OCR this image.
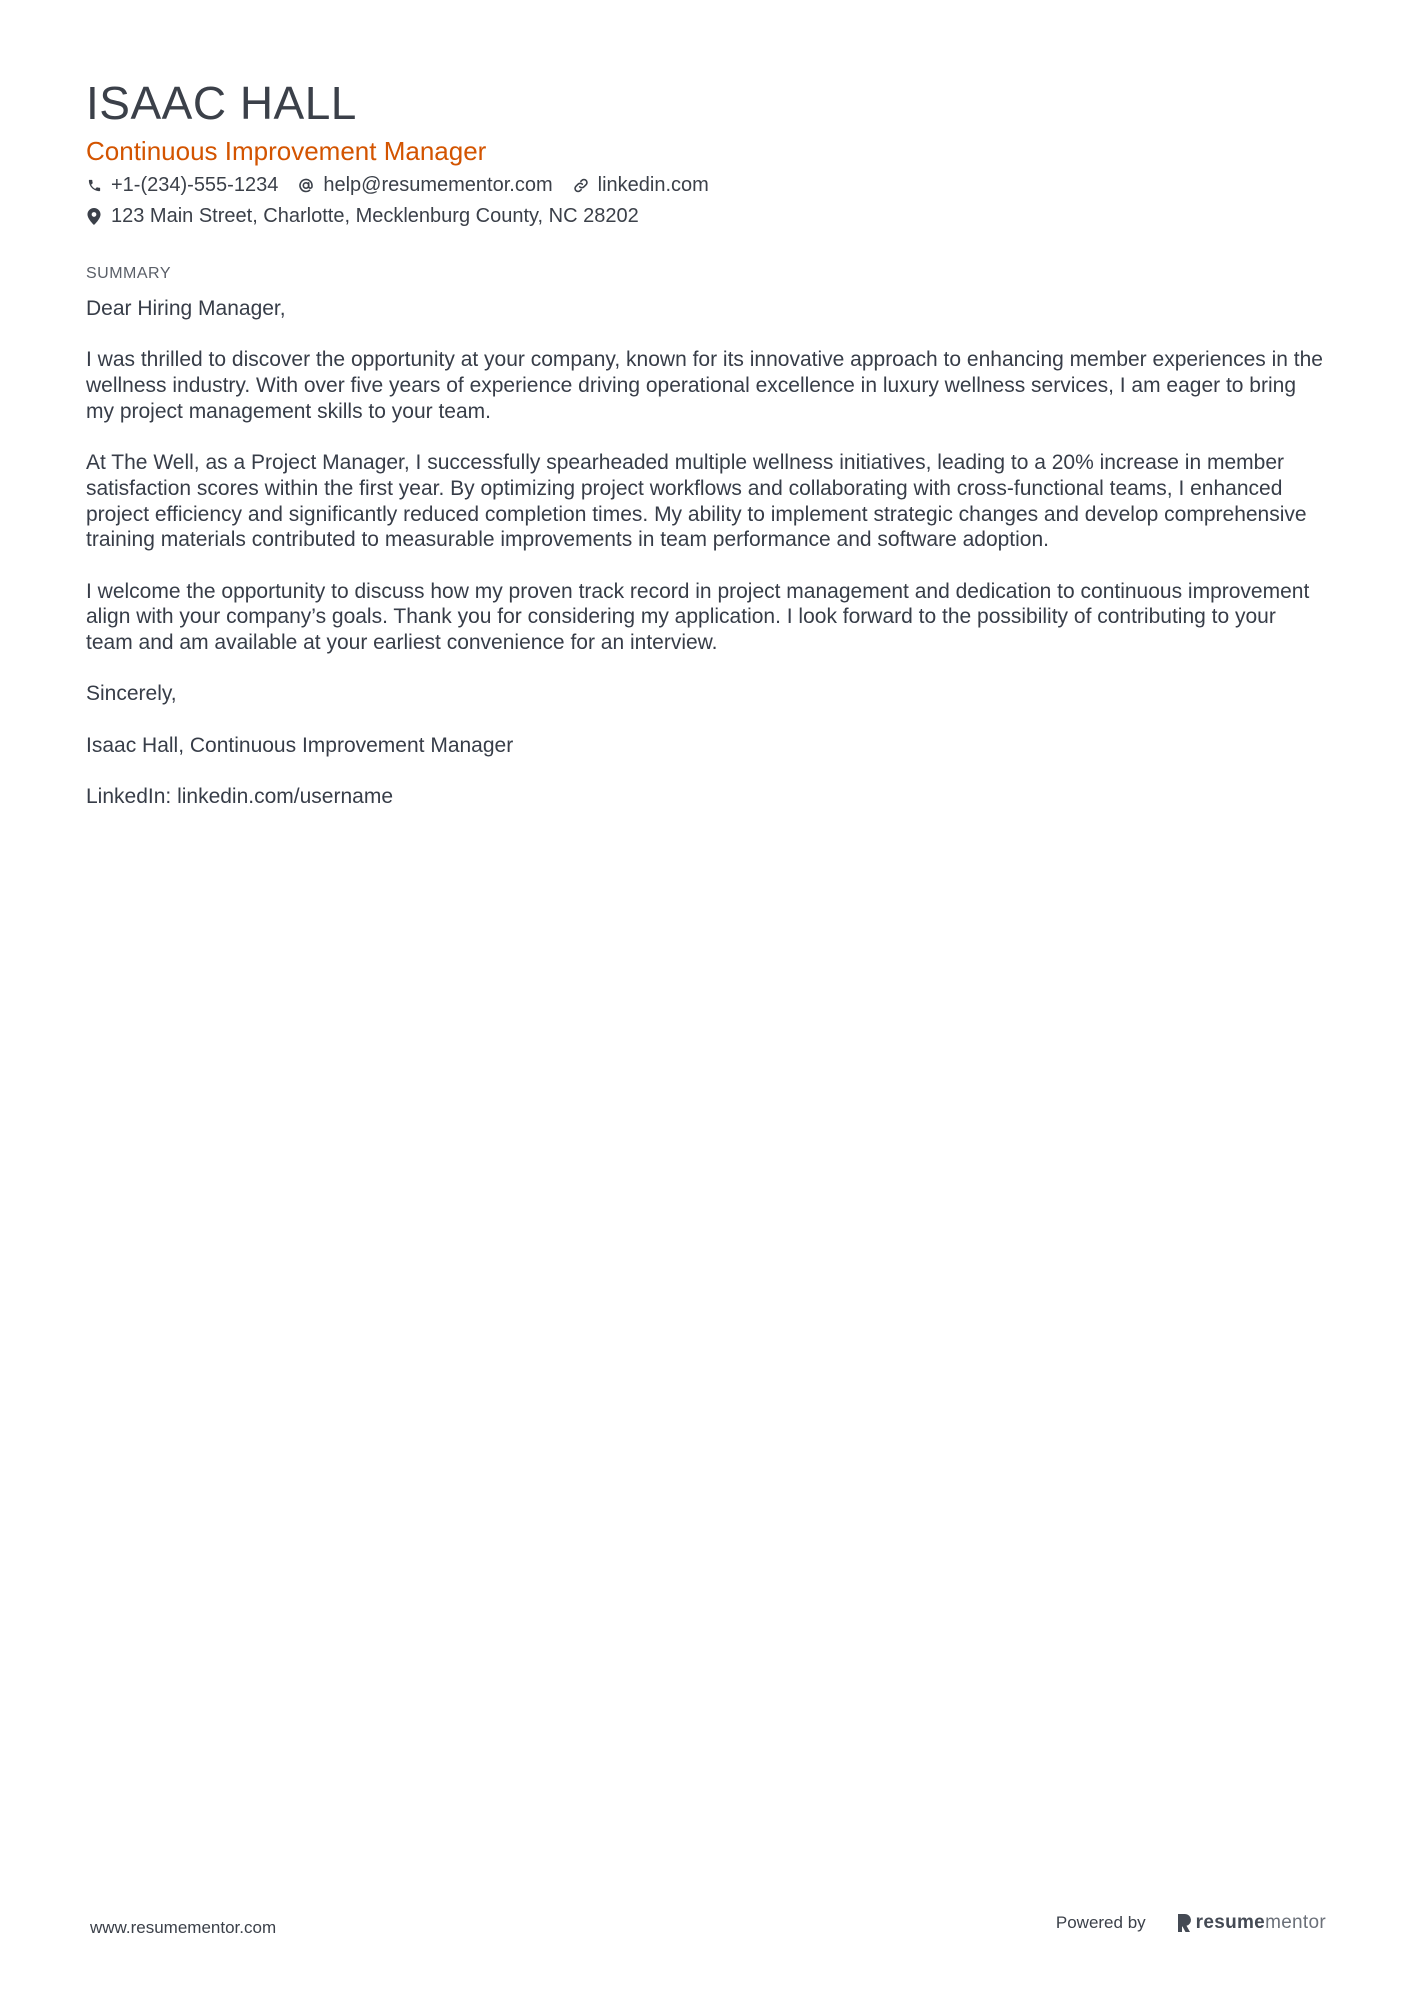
ISAAC HALL
Continuous Improvement Manager
+1-(234)-555-1234 help@resumementor.com linkedin.com
123 Main Street, Charlotte, Mecklenburg County, NC 28202
SUMMARY

Dear Hiring Manager,

I was thrilled to discover the opportunity at your company, known for its innovative approach to enhancing member experiences in the wellness industry. With over five years of experience driving operational excellence in luxury wellness services, I am eager to bring my project management skills to your team.

At The Well, as a Project Manager, I successfully spearheaded multiple wellness initiatives, leading to a 20% increase in member satisfaction scores within the first year. By optimizing project workflows and collaborating with cross-functional teams, I enhanced project efficiency and significantly reduced completion times. My ability to implement strategic changes and develop comprehensive training materials contributed to measurable improvements in team performance and software adoption.

I welcome the opportunity to discuss how my proven track record in project management and dedication to continuous improvement align with your company’s goals. Thank you for considering my application. I look forward to the possibility of contributing to your team and am available at your earliest convenience for an interview.

Sincerely,

Isaac Hall, Continuous Improvement Manager

LinkedIn: linkedin.com/username

www.resumementor.com	Powered by	resume mentor
